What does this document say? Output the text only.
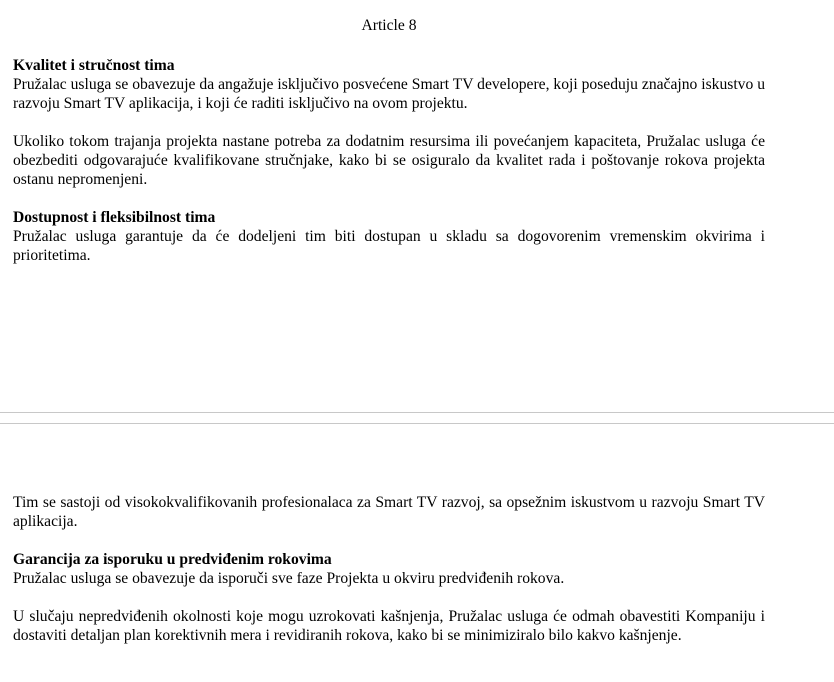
Article 8
Kvalitet i stručnost tima

Pružalac usluga se obavezuje da angažuje isključivo posvećene Smart TV developere, koji poseduju značajno iskustvo u razvoju Smart TV aplikacija, i koji će raditi isključivo na ovom projektu.

Ukoliko tokom trajanja projekta nastane potreba za dodatnim resursima ili povećanjem kapaciteta, Pružalac usluga će obezbediti odgovarajuće kvalifikovane stručnjake, kako bi se osiguralo da kvalitet rada i poštovanje rokova projekta ostanu nepromenjeni.

Dostupnost i fleksibilnost tima

Pružalac usluga garantuje da će dodeljeni tim biti dostupan u skladu sa dogovorenim vremenskim okvirima i prioritetima.

Tim se sastoji od visokokvalifikovanih profesionalaca za Smart TV razvoj, sa opsežnim iskustvom u razvoju Smart TV aplikacija.

Garancija za isporuku u predviđenim rokovima

Pružalac usluga se obavezuje da isporuči sve faze Projekta u okviru predviđenih rokova.

U slučaju nepredviđenih okolnosti koje mogu uzrokovati kašnjenja, Pružalac usluga će odmah obavestiti Kompaniju i dostaviti detaljan plan korektivnih mera i revidiranih rokova, kako bi se minimiziralo bilo kakvo kašnjenje.
